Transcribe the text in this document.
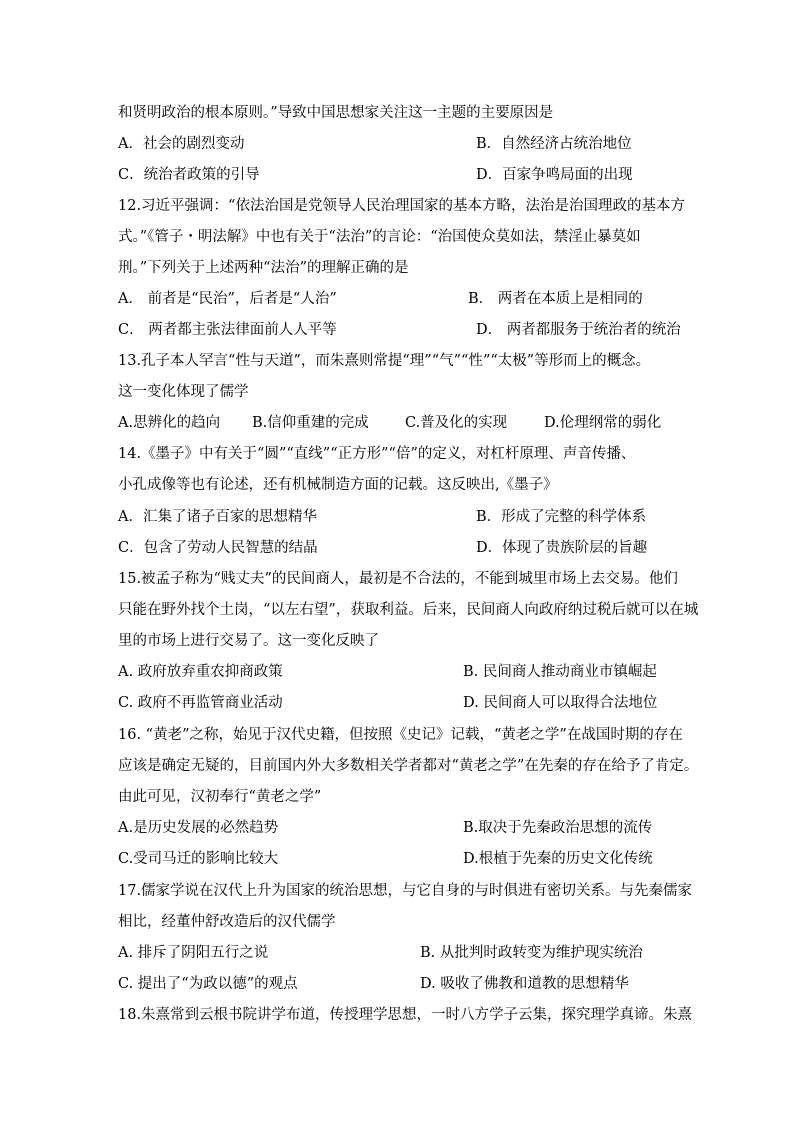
和贤明政治的根本原则。”导致中国思想家关注这一主题的主要原因是
A．社会的剧烈变动	B．自然经济占统治地位
C．统治者政策的引导	D．百家争鸣局面的出现
12.习近平强调：“依法治国是党领导人民治理国家的基本方略，法治是治国理政的基本方
式。”《管子・明法解》中也有关于“法治”的言论：“治国使众莫如法，禁淫止暴莫如
刑。”下列关于上述两种“法治”的理解正确的是
A． 前者是“民治”，后者是“人治”	B． 两者在本质上是相同的
C． 两者都主张法律面前人人平等	D． 两者都服务于统治者的统治
13.孔子本人罕言“性与天道”，而朱熹则常提“理”“气”“性”“太极”等形而上的概念。
这一变化体现了儒学
A.思辨化的趋向 B.信仰重建的完成 C.普及化的实现	D.伦理纲常的弱化
14.《墨子》中有关于“圆”“直线”“正方形”“倍”的定义，对杠杆原理、声音传播、
小孔成像等也有论述，还有机械制造方面的记载。这反映出,《墨子》
A．汇集了诸子百家的思想精华	B．形成了完整的科学体系
C．包含了劳动人民智慧的结晶	D．体现了贵族阶层的旨趣
15.被孟子称为“贱丈夫”的民间商人，最初是不合法的，不能到城里市场上去交易。他们
只能在野外找个土岗，“以左右望”，获取利益。后来，民间商人向政府纳过税后就可以在城
里的市场上进行交易了。这一变化反映了
A. 政府放弃重农抑商政策	B. 民间商人推动商业市镇崛起
C. 政府不再监管商业活动	D. 民间商人可以取得合法地位
16. “黄老”之称，始见于汉代史籍，但按照《史记》记载，“黄老之学”在战国时期的存在
应该是确定无疑的，目前国内外大多数相关学者都对“黄老之学”在先秦的存在给予了肯定。
由此可见，汉初奉行“黄老之学”
A.是历史发展的必然趋势	B.取决于先秦政治思想的流传
C.受司马迁的影响比较大	D.根植于先秦的历史文化传统
17.儒家学说在汉代上升为国家的统治思想，与它自身的与时俱进有密切关系。与先秦儒家
相比，经董仲舒改造后的汉代儒学
A. 排斥了阴阳五行之说	B. 从批判时政转变为维护现实统治
C. 提出了“为政以德”的观点	D. 吸收了佛教和道教的思想精华
18.朱熹常到云根书院讲学布道，传授理学思想，一时八方学子云集，探究理学真谛。朱熹
